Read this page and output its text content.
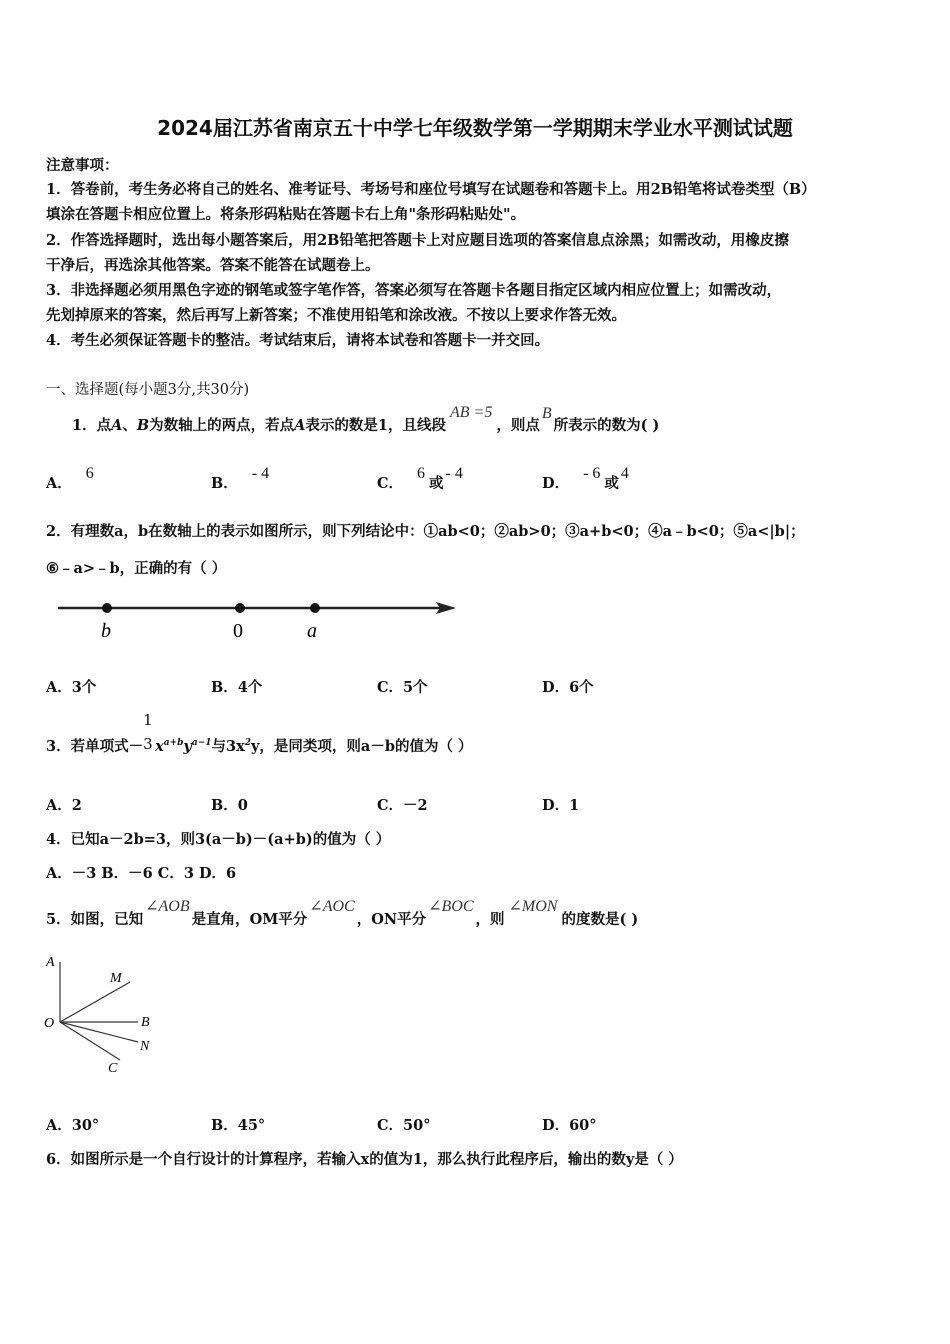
2024届江苏省南京五十中学七年级数学第一学期期末学业水平测试试题
注意事项：
1．答卷前，考生务必将自己的姓名、准考证号、考场号和座位号填写在试题卷和答题卡上。用2B铅笔将试卷类型（B）
填涂在答题卡相应位置上。将条形码粘贴在答题卡右上角"条形码粘贴处"。
2．作答选择题时，选出每小题答案后，用2B铅笔把答题卡上对应题目选项的答案信息点涂黑；如需改动，用橡皮擦
干净后，再选涂其他答案。答案不能答在试题卷上。
3．非选择题必须用黑色字迹的钢笔或签字笔作答，答案必须写在答题卡各题目指定区域内相应位置上；如需改动，
先划掉原来的答案，然后再写上新答案；不准使用铅笔和涂改液。不按以上要求作答无效。
4．考生必须保证答题卡的整洁。考试结束后，请将本试卷和答题卡一并交回。
一、选择题(每小题3分,共30分)
1．点A、B为数轴上的两点，若点A表示的数是1，且线段AB =5，则点B所表示的数为( )
A．6
B．- 4
C．6或- 4
D．- 6或4
2．有理数a，b在数轴上的表示如图所示，则下列结论中：①ab<0；②ab>0；③a+b<0；④a﹣b<0；⑤a<|b|；
⑥﹣a>﹣b，正确的有（ ）
b	0	a
A．3个	B．4个	C．5个	D．6个
3．若单项式－
1
3 $x^{a+b}y^{a-1}$与$3x^2y$，是同类项，则a－b的值为（ ）
A．2	B．0	C．－2	D．1
4．已知a－2b=3，则3(a－b)－(a+b)的值为（ ）
A．－3 B．－6 C．3 D．6
5．如图，已知∠AOB是直角，OM平分∠AOC，ON平分∠BOC，则∠MON的度数是( )
A
M
O	B
N
C
A．30°	B．45°	C．50°	D．60°
6．如图所示是一个自行设计的计算程序，若输入x的值为1，那么执行此程序后，输出的数y是（ ）
